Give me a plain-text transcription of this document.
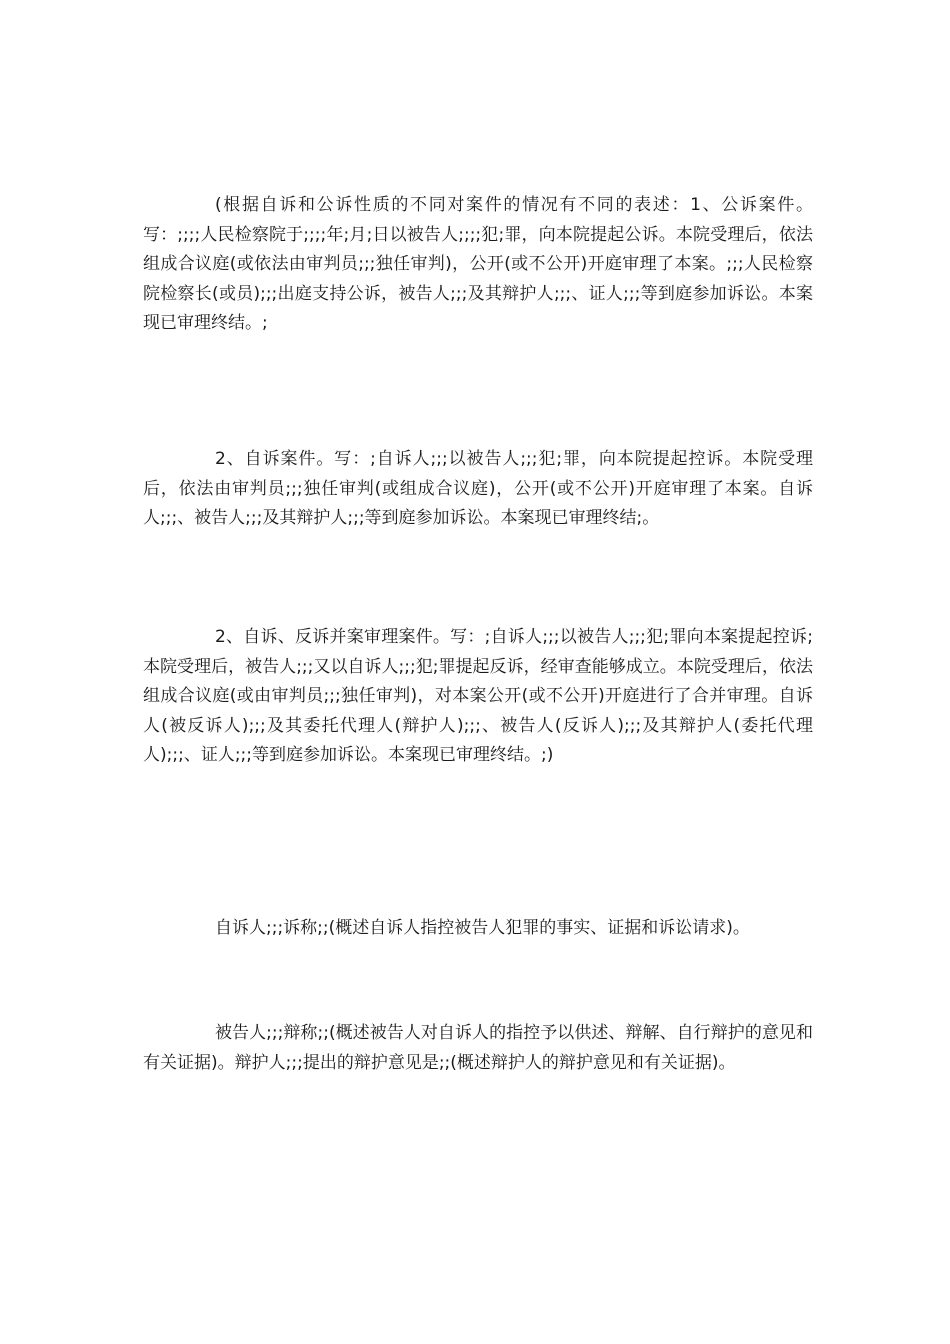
(根据自诉和公诉性质的不同对案件的情况有不同的表述：1、公诉案件。写：;;;;人民检察院于;;;;年;月;日以被告人;;;;犯;罪，向本院提起公诉。本院受理后，依法组成合议庭(或依法由审判员;;;独任审判)，公开(或不公开)开庭审理了本案。;;;人民检察院检察长(或员);;;出庭支持公诉，被告人;;;及其辩护人;;;、证人;;;等到庭参加诉讼。本案现已审理终结。;

2、自诉案件。写：;自诉人;;;以被告人;;;犯;罪，向本院提起控诉。本院受理后，依法由审判员;;;独任审判(或组成合议庭)，公开(或不公开)开庭审理了本案。自诉人;;;、被告人;;;及其辩护人;;;等到庭参加诉讼。本案现已审理终结;。

2、自诉、反诉并案审理案件。写：;自诉人;;;以被告人;;;犯;罪向本案提起控诉;本院受理后，被告人;;;又以自诉人;;;犯;罪提起反诉，经审查能够成立。本院受理后，依法组成合议庭(或由审判员;;;独任审判)，对本案公开(或不公开)开庭进行了合并审理。自诉人(被反诉人);;;及其委托代理人(辩护人);;;、被告人(反诉人);;;及其辩护人(委托代理人);;;、证人;;;等到庭参加诉讼。本案现已审理终结。;)

自诉人;;;诉称;;(概述自诉人指控被告人犯罪的事实、证据和诉讼请求)。

被告人;;;辩称;;(概述被告人对自诉人的指控予以供述、辩解、自行辩护的意见和有关证据)。辩护人;;;提出的辩护意见是;;(概述辩护人的辩护意见和有关证据)。
